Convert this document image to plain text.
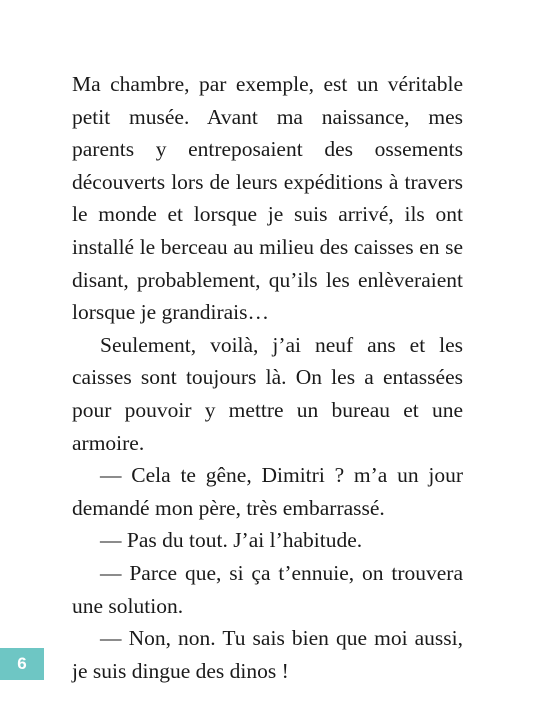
Ma chambre, par exemple, est un véritable petit musée. Avant ma naissance, mes parents y entreposaient des ossements découverts lors de leurs expéditions à travers le monde et lorsque je suis arrivé, ils ont installé le berceau au milieu des caisses en se disant, probablement, qu’ils les enlèveraient lorsque je grandirais…

Seulement, voilà, j’ai neuf ans et les caisses sont toujours là. On les a entassées pour pouvoir y mettre un bureau et une armoire.

— Cela te gêne, Dimitri ? m’a un jour demandé mon père, très embarrassé.

— Pas du tout. J’ai l’habitude.

— Parce que, si ça t’ennuie, on trouvera une solution.

— Non, non. Tu sais bien que moi aussi, je suis dingue des dinos !

6
